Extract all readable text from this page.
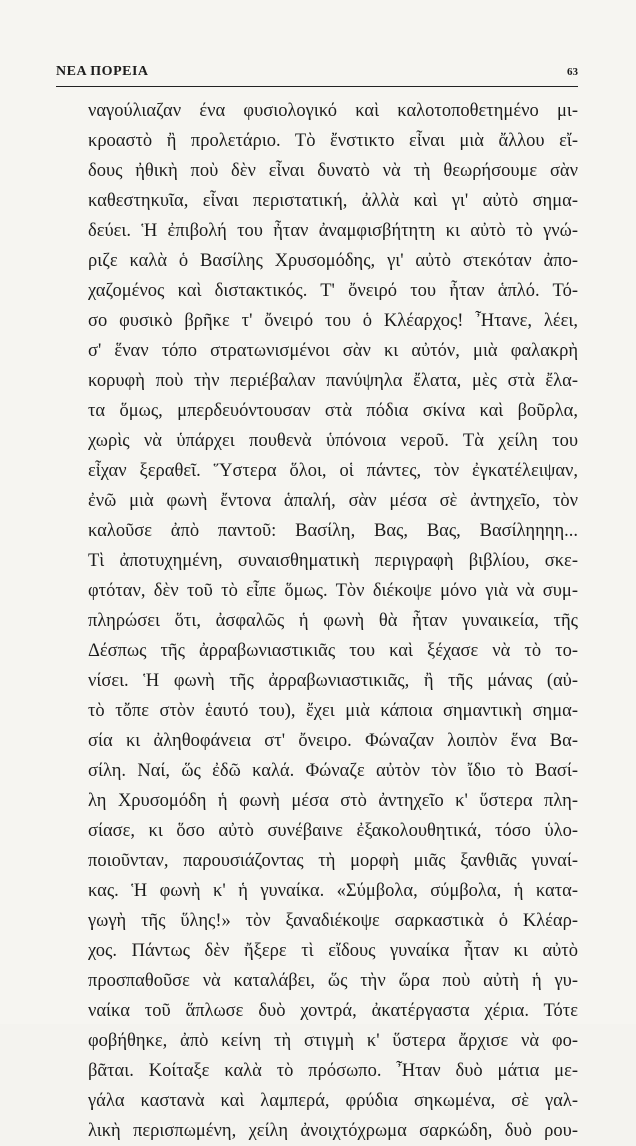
ΝΕΑ ΠΟΡΕΙΑ	63
ναγούλιαζαν ένα φυσιολογικό καὶ καλοτοποθετημένο μι-
κροαστὸ ἢ προλετάριο. Τὸ ἔνστικτο εἶναι μιὰ ἄλλου εἴ-
δους ἠθικὴ ποὺ δὲν εἶναι δυνατὸ νὰ τὴ θεωρήσουμε σὰν
καθεστηκυῖα, εἶναι περιστατική, ἀλλὰ καὶ γι' αὐτὸ σημα-
δεύει. Ἡ ἐπιβολή του ἦταν ἀναμφισβήτητη κι αὐτὸ τὸ γνώ-
ριζε καλὰ ὁ Βασίλης Χρυσομόδης, γι' αὐτὸ στεκόταν ἀπο-
χαζομένος καὶ διστακτικός. Τ' ὄνειρό του ἦταν ἁπλό. Τό-
σο φυσικὸ βρῆκε τ' ὄνειρό του ὁ Κλέαρχος! Ἦτανε, λέει,
σ' ἕναν τόπο στρατωνισμένοι σὰν κι αὐτόν, μιὰ φαλακρὴ
κορυφὴ ποὺ τὴν περιέβαλαν πανύψηλα ἔλατα, μὲς στὰ ἔλα-
τα ὅμως, μπερδευόντουσαν στὰ πόδια σκίνα καὶ βοῦρλα,
χωρὶς νὰ ὑπάρχει πουθενὰ ὑπόνοια νεροῦ. Τὰ χείλη του
εἶχαν ξεραθεῖ. Ὕστερα ὅλοι, οἱ πάντες, τὸν ἐγκατέλειψαν,
ἐνῶ μιὰ φωνὴ ἔντονα ἁπαλή, σὰν μέσα σὲ ἀντηχεῖο, τὸν
καλοῦσε ἀπὸ παντοῦ: Βασίλη, Βας, Βας, Βασίληηηη...
Τὶ ἀποτυχημένη, συναισθηματικὴ περιγραφὴ βιβλίου, σκε-
φτόταν, δὲν τοῦ τὸ εἶπε ὅμως. Τὸν διέκοψε μόνο γιὰ νὰ συμ-
πληρώσει ὅτι, ἀσφαλῶς ἡ φωνὴ θὰ ἦταν γυναικεία, τῆς
Δέσπως τῆς ἀρραβωνιαστικιᾶς του καὶ ξέχασε νὰ τὸ το-
νίσει. Ἡ φωνὴ τῆς ἀρραβωνιαστικιᾶς, ἢ τῆς μάνας (αὐ-
τὸ τὄπε στὸν ἑαυτό του), ἔχει μιὰ κάποια σημαντικὴ σημα-
σία κι ἀληθοφάνεια στ' ὄνειρο. Φώναζαν λοιπὸν ἕνα Βα-
σίλη. Ναί, ὥς ἐδῶ καλά. Φώναζε αὐτὸν τὸν ἴδιο τὸ Βασί-
λη Χρυσομόδη ἡ φωνὴ μέσα στὸ ἀντηχεῖο κ' ὕστερα πλη-
σίασε, κι ὅσο αὐτὸ συνέβαινε ἐξακολουθητικά, τόσο ὑλο-
ποιοῦνταν, παρουσιάζοντας τὴ μορφὴ μιᾶς ξανθιᾶς γυναί-
κας. Ἡ φωνὴ κ' ἡ γυναίκα. «Σύμβολα, σύμβολα, ἡ κατα-
γωγὴ τῆς ὕλης!» τὸν ξαναδιέκοψε σαρκαστικὰ ὁ Κλέαρ-
χος. Πάντως δὲν ἤξερε τὶ εἴδους γυναίκα ἦταν κι αὐτὸ
προσπαθοῦσε νὰ καταλάβει, ὥς τὴν ὥρα ποὺ αὐτὴ ἡ γυ-
ναίκα τοῦ ἅπλωσε δυὸ χοντρά, ἀκατέργαστα χέρια. Τότε
φοβήθηκε, ἀπὸ κείνη τὴ στιγμὴ κ' ὕστερα ἄρχισε νὰ φο-
βᾶται. Κοίταξε καλὰ τὸ πρόσωπο. Ἦταν δυὸ μάτια με-
γάλα καστανὰ καὶ λαμπερά, φρύδια σηκωμένα, σὲ γαλ-
λικὴ περισπωμένη, χείλη ἀνοιχτόχρωμα σαρκώδη, δυὸ ρου-
